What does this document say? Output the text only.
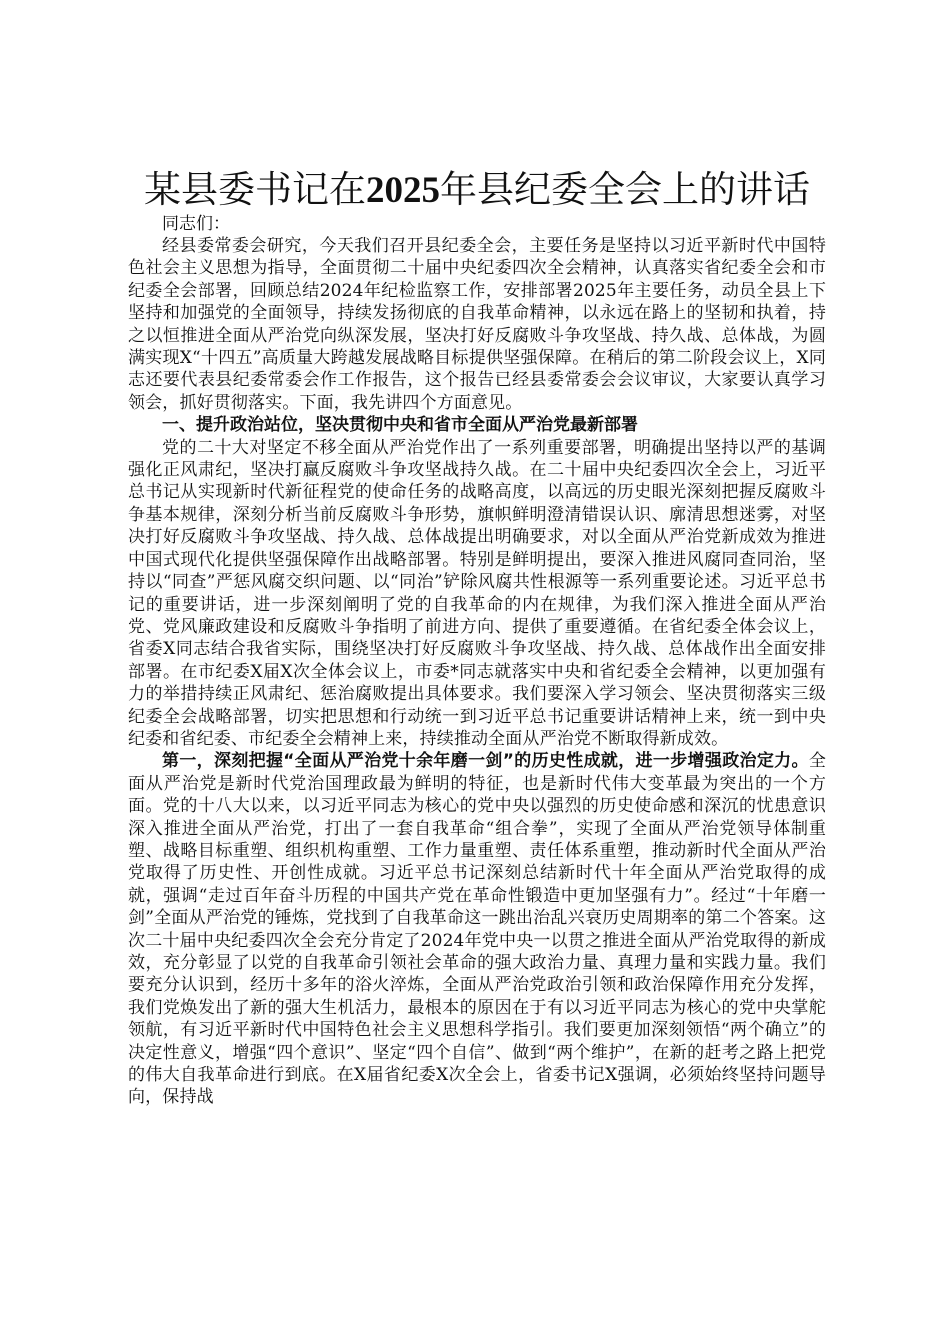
某县委书记在2025年县纪委全会上的讲话

同志们：

经县委常委会研究，今天我们召开县纪委全会，主要任务是坚持以习近平新时代中国特色社会主义思想为指导，全面贯彻二十届中央纪委四次全会精神，认真落实省纪委全会和市纪委全会部署，回顾总结2024年纪检监察工作，安排部署2025年主要任务，动员全县上下坚持和加强党的全面领导，持续发扬彻底的自我革命精神，以永远在路上的坚韧和执着，持之以恒推进全面从严治党向纵深发展，坚决打好反腐败斗争攻坚战、持久战、总体战，为圆满实现X“十四五”高质量大跨越发展战略目标提供坚强保障。在稍后的第二阶段会议上，X同志还要代表县纪委常委会作工作报告，这个报告已经县委常委会会议审议，大家要认真学习领会，抓好贯彻落实。下面，我先讲四个方面意见。

一、提升政治站位，坚决贯彻中央和省市全面从严治党最新部署

党的二十大对坚定不移全面从严治党作出了一系列重要部署，明确提出坚持以严的基调强化正风肃纪，坚决打赢反腐败斗争攻坚战持久战。在二十届中央纪委四次全会上，习近平总书记从实现新时代新征程党的使命任务的战略高度，以高远的历史眼光深刻把握反腐败斗争基本规律，深刻分析当前反腐败斗争形势，旗帜鲜明澄清错误认识、廓清思想迷雾，对坚决打好反腐败斗争攻坚战、持久战、总体战提出明确要求，对以全面从严治党新成效为推进中国式现代化提供坚强保障作出战略部署。特别是鲜明提出，要深入推进风腐同查同治，坚持以“同查”严惩风腐交织问题、以“同治”铲除风腐共性根源等一系列重要论述。习近平总书记的重要讲话，进一步深刻阐明了党的自我革命的内在规律，为我们深入推进全面从严治党、党风廉政建设和反腐败斗争指明了前进方向、提供了重要遵循。在省纪委全体会议上，省委X同志结合我省实际，围绕坚决打好反腐败斗争攻坚战、持久战、总体战作出全面安排部署。在市纪委X届X次全体会议上，市委*同志就落实中央和省纪委全会精神，以更加强有力的举措持续正风肃纪、惩治腐败提出具体要求。我们要深入学习领会、坚决贯彻落实三级纪委全会战略部署，切实把思想和行动统一到习近平总书记重要讲话精神上来，统一到中央纪委和省纪委、市纪委全会精神上来，持续推动全面从严治党不断取得新成效。

第一，深刻把握“全面从严治党十余年磨一剑”的历史性成就，进一步增强政治定力。全面从严治党是新时代党治国理政最为鲜明的特征，也是新时代伟大变革最为突出的一个方面。党的十八大以来，以习近平同志为核心的党中央以强烈的历史使命感和深沉的忧患意识深入推进全面从严治党，打出了一套自我革命“组合拳”，实现了全面从严治党领导体制重塑、战略目标重塑、组织机构重塑、工作力量重塑、责任体系重塑，推动新时代全面从严治党取得了历史性、开创性成就。习近平总书记深刻总结新时代十年全面从严治党取得的成就，强调“走过百年奋斗历程的中国共产党在革命性锻造中更加坚强有力”。经过“十年磨一剑”全面从严治党的锤炼，党找到了自我革命这一跳出治乱兴衰历史周期率的第二个答案。这次二十届中央纪委四次全会充分肯定了2024年党中央一以贯之推进全面从严治党取得的新成效，充分彰显了以党的自我革命引领社会革命的强大政治力量、真理力量和实践力量。我们要充分认识到，经历十多年的浴火淬炼，全面从严治党政治引领和政治保障作用充分发挥，我们党焕发出了新的强大生机活力，最根本的原因在于有以习近平同志为核心的党中央掌舵领航，有习近平新时代中国特色社会主义思想科学指引。我们要更加深刻领悟“两个确立”的决定性意义，增强“四个意识”、坚定“四个自信”、做到“两个维护”，在新的赶考之路上把党的伟大自我革命进行到底。在X届省纪委X次全会上，省委书记X强调，必须始终坚持问题导向，保持战
